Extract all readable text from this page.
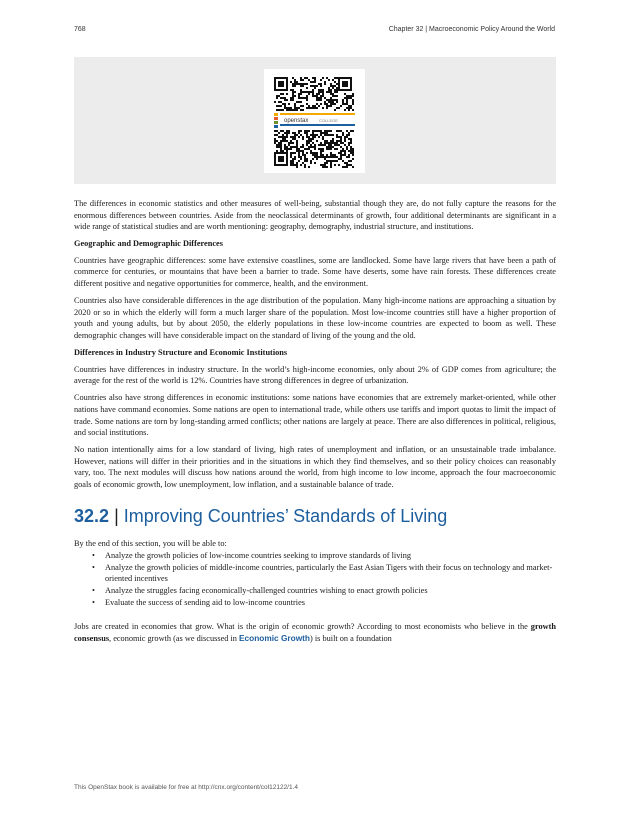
768	Chapter 32 | Macroeconomic Policy Around the World
openstax	COLLEGE

The differences in economic statistics and other measures of well-being, substantial though they are, do not fully capture the reasons for the enormous differences between countries. Aside from the neoclassical determinants of growth, four additional determinants are significant in a wide range of statistical studies and are worth mentioning: geography, demography, industrial structure, and institutions.

Geographic and Demographic Differences

Countries have geographic differences: some have extensive coastlines, some are landlocked. Some have large rivers that have been a path of commerce for centuries, or mountains that have been a barrier to trade. Some have deserts, some have rain forests. These differences create different positive and negative opportunities for commerce, health, and the environment.

Countries also have considerable differences in the age distribution of the population. Many high-income nations are approaching a situation by 2020 or so in which the elderly will form a much larger share of the population. Most low-income countries still have a higher proportion of youth and young adults, but by about 2050, the elderly populations in these low-income countries are expected to boom as well. These demographic changes will have considerable impact on the standard of living of the young and the old.

Differences in Industry Structure and Economic Institutions

Countries have differences in industry structure. In the world’s high-income economies, only about 2% of GDP comes from agriculture; the average for the rest of the world is 12%. Countries have strong differences in degree of urbanization.

Countries also have strong differences in economic institutions: some nations have economies that are extremely market-oriented, while other nations have command economies. Some nations are open to international trade, while others use tariffs and import quotas to limit the impact of trade. Some nations are torn by long-standing armed conflicts; other nations are largely at peace. There are also differences in political, religious, and social institutions.

No nation intentionally aims for a low standard of living, high rates of unemployment and inflation, or an unsustainable trade imbalance. However, nations will differ in their priorities and in the situations in which they find themselves, and so their policy choices can reasonably vary, too. The next modules will discuss how nations around the world, from high income to low income, approach the four macroeconomic goals of economic growth, low unemployment, low inflation, and a sustainable balance of trade.

32.2 | Improving Countries’ Standards of Living

By the end of this section, you will be able to:

• Analyze the growth policies of low-income countries seeking to improve standards of living
• Analyze the growth policies of middle-income countries, particularly the East Asian Tigers with their focus on technology and market-oriented incentives
• Analyze the struggles facing economically-challenged countries wishing to enact growth policies
• Evaluate the success of sending aid to low-income countries

Jobs are created in economies that grow. What is the origin of economic growth? According to most economists who believe in the growth consensus, economic growth (as we discussed in Economic Growth) is built on a foundation

This OpenStax book is available for free at http://cnx.org/content/col12122/1.4
